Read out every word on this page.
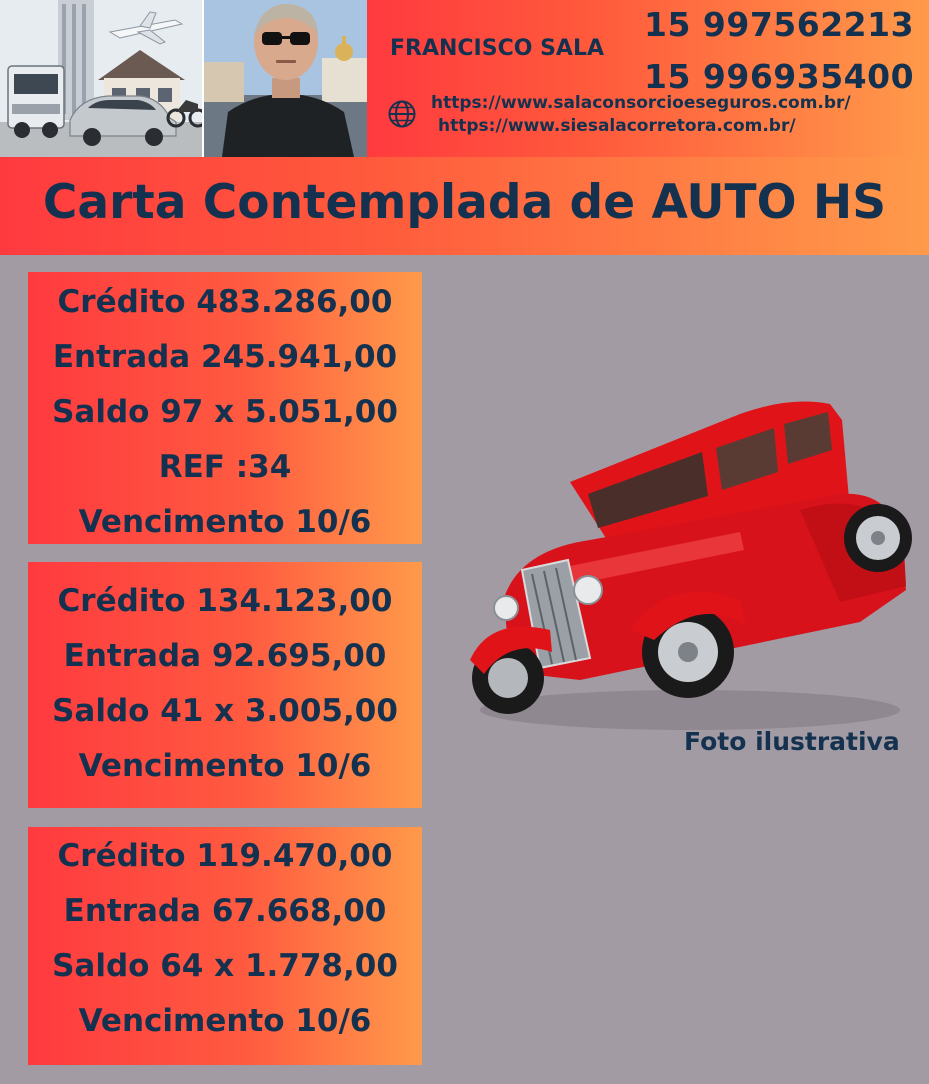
FRANCISCO SALA
15 997562213
15 996935400
https://www.salaconsorcioeseguros.com.br/
https://www.siesalacorretora.com.br/
Carta Contemplada de AUTO HS
Crédito 483.286,00
Entrada 245.941,00
Saldo 97 x 5.051,00
REF :34
Vencimento 10/6
Crédito 134.123,00
Entrada 92.695,00
Saldo 41 x 3.005,00
Vencimento 10/6
Crédito 119.470,00
Entrada 67.668,00
Saldo 64 x 1.778,00
Vencimento 10/6
Foto ilustrativa
